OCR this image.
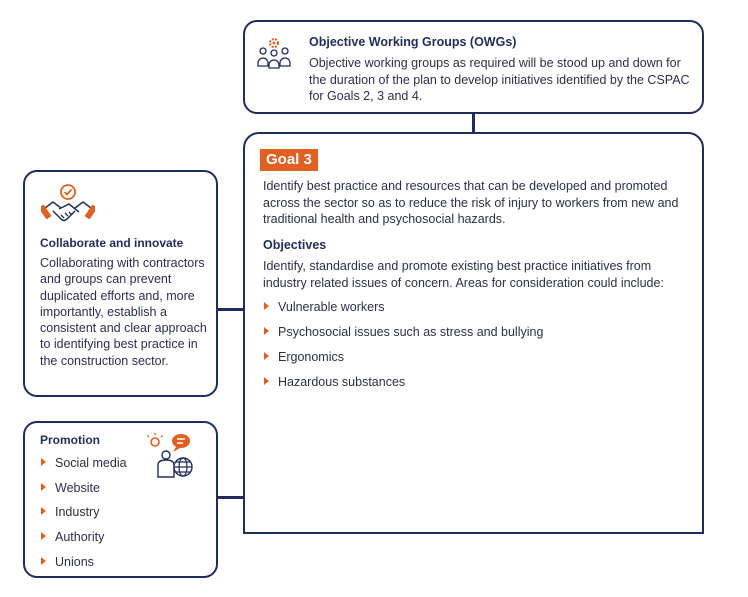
Objective Working Groups (OWGs)
Objective working groups as required will be stood up and down for the duration of the plan to develop initiatives identified by the CSPAC for Goals 2, 3 and 4.
Goal 3
Identify best practice and resources that can be developed and promoted across the sector so as to reduce the risk of injury to workers from new and traditional health and psychosocial hazards.
Objectives
Identify, standardise and promote existing best practice initiatives from industry related issues of concern. Areas for consideration could include:
Vulnerable workers
Psychosocial issues such as stress and bullying
Ergonomics
Hazardous substances
Collaborate and innovate
Collaborating with contractors and groups can prevent duplicated efforts and, more importantly, establish a consistent and clear approach to identifying best practice in the construction sector.
Promotion
Social media
Website
Industry
Authority
Unions
